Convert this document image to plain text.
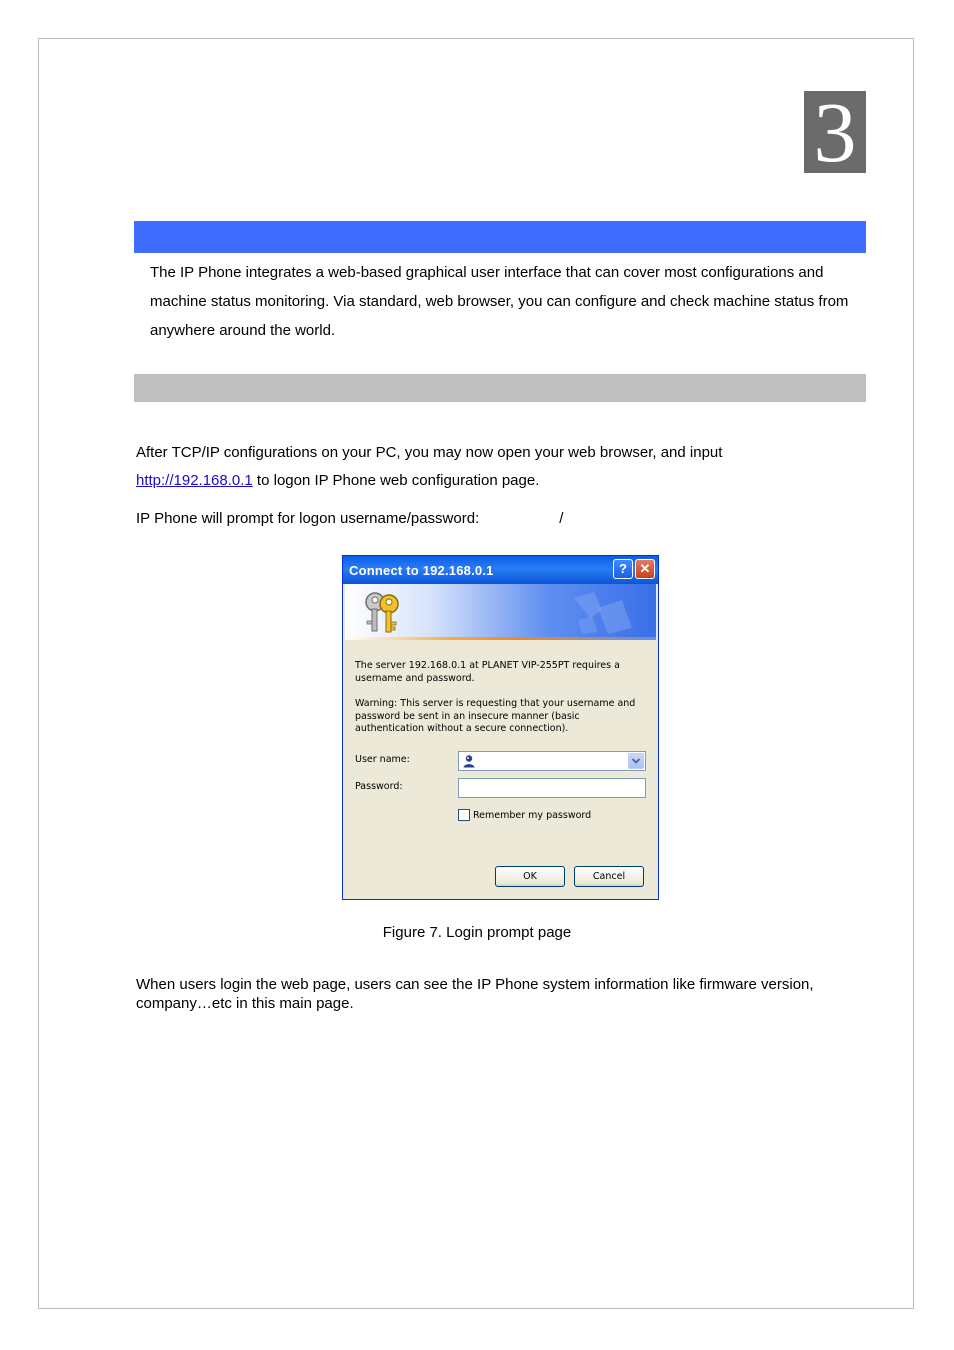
3
The IP Phone integrates a web-based graphical user interface that can cover most configurations and machine status monitoring. Via standard, web browser, you can configure and check machine status from anywhere around the world.
After TCP/IP configurations on your PC, you may now open your web browser, and input
http://192.168.0.1 to logon IP Phone web configuration page.
IP Phone will prompt for logon username/password:	/
Connect to 192.168.0.1	? ✕
The server 192.168.0.1 at PLANET VIP-255PT requires a username and password.
Warning: This server is requesting that your username and password be sent in an insecure manner (basic authentication without a secure connection).
User name:
Password:
Remember my password
OK	Cancel
Figure 7. Login prompt page
When users login the web page, users can see the IP Phone system information like firmware version, company…etc in this main page.
